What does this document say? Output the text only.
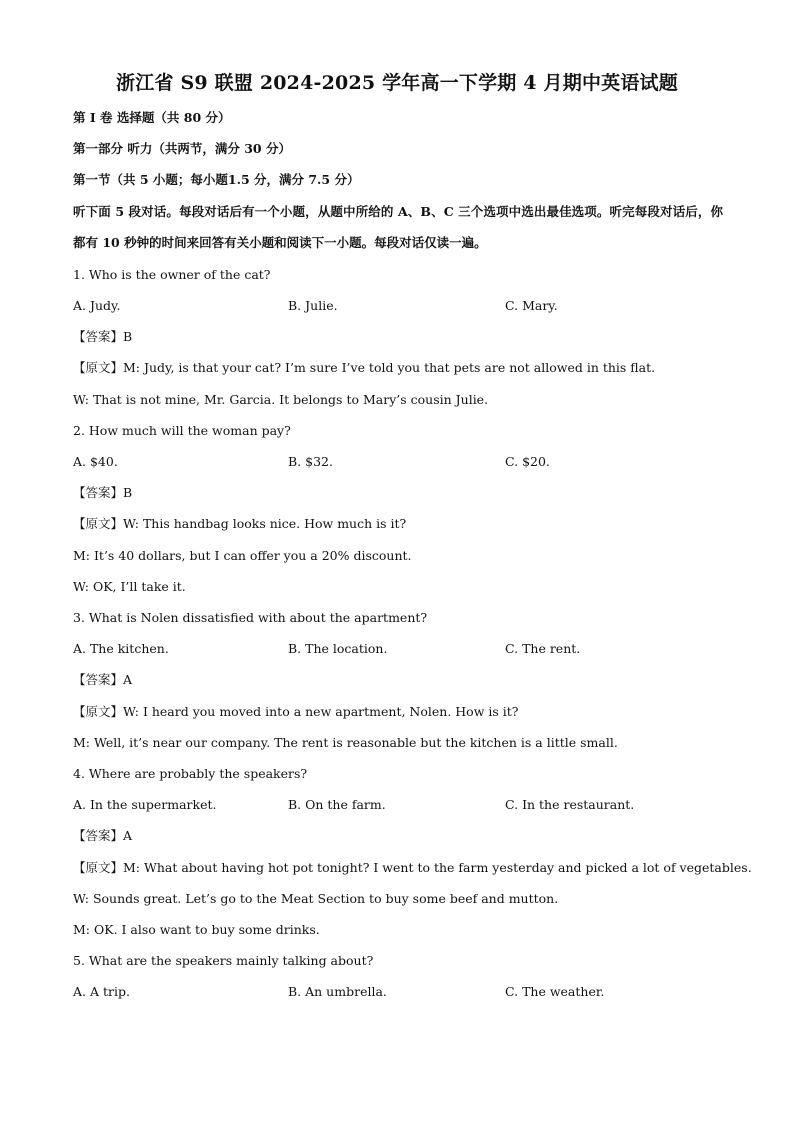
浙江省 S9 联盟 2024-2025 学年高一下学期 4 月期中英语试题
第 I 卷 选择题（共 80 分）
第一部分 听力（共两节，满分 30 分）
第一节（共 5 小题；每小题1.5 分，满分 7.5 分）
听下面 5 段对话。每段对话后有一个小题，从题中所给的 A、B、C 三个选项中选出最佳选项。听完每段对话后，你都有 10 秒钟的时间来回答有关小题和阅读下一小题。每段对话仅读一遍。
1. Who is the owner of the cat?
A. Judy.	B. Julie.	C. Mary.
【答案】B
【原文】M: Judy, is that your cat? I’m sure I’ve told you that pets are not allowed in this flat.
W: That is not mine, Mr. Garcia. It belongs to Mary’s cousin Julie.
2. How much will the woman pay?
A. $40.	B. $32.	C. $20.
【答案】B
【原文】W: This handbag looks nice. How much is it?
M: It’s 40 dollars, but I can offer you a 20% discount.
W: OK, I’ll take it.
3. What is Nolen dissatisfied with about the apartment?
A. The kitchen.	B. The location.	C. The rent.
【答案】A
【原文】W: I heard you moved into a new apartment, Nolen. How is it?
M: Well, it’s near our company. The rent is reasonable but the kitchen is a little small.
4. Where are probably the speakers?
A. In the supermarket.	B. On the farm.	C. In the restaurant.
【答案】A
【原文】M: What about having hot pot tonight? I went to the farm yesterday and picked a lot of vegetables.
W: Sounds great. Let’s go to the Meat Section to buy some beef and mutton.
M: OK. I also want to buy some drinks.
5. What are the speakers mainly talking about?
A. A trip.	B. An umbrella.	C. The weather.
